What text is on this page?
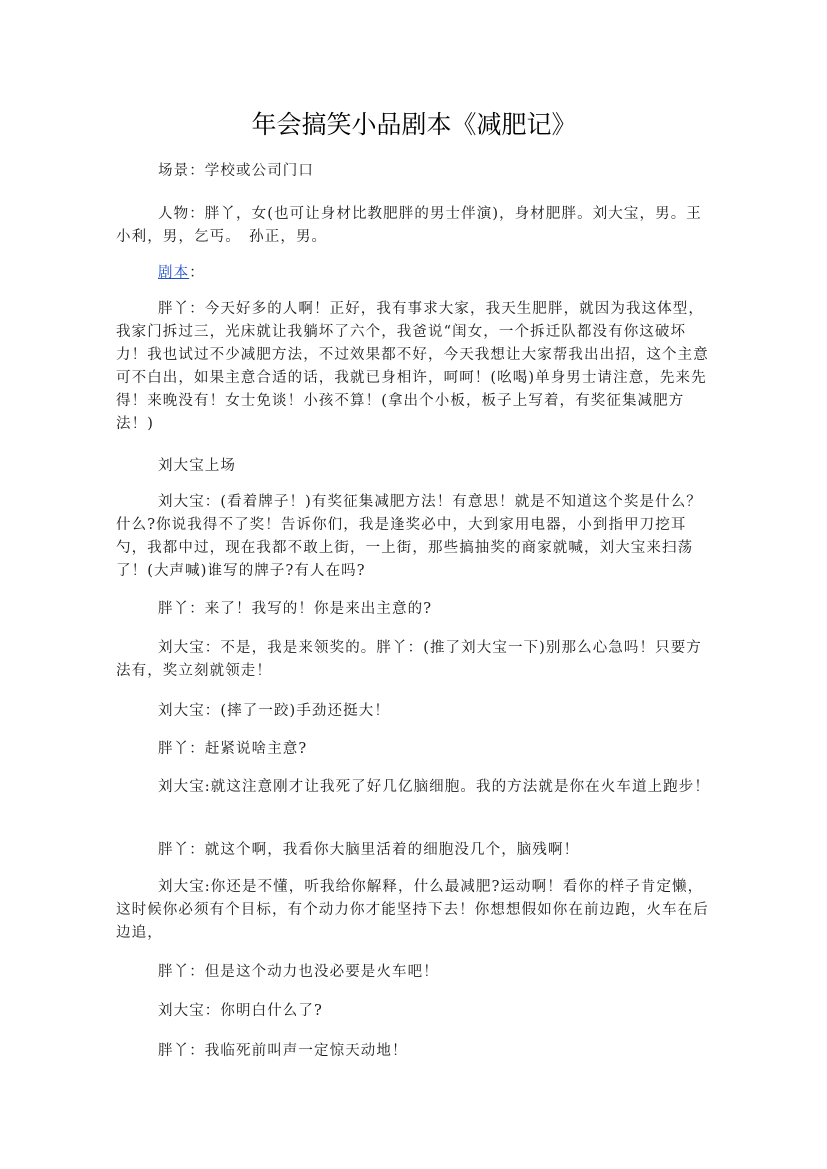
年会搞笑小品剧本《减肥记》

场景：学校或公司门口

人物：胖丫，女(也可让身材比教肥胖的男士伴演)，身材肥胖。刘大宝，男。王小利，男，乞丐。　孙正，男。

剧本：

胖丫：今天好多的人啊！正好，我有事求大家，我天生肥胖，就因为我这体型，我家门拆过三，光床就让我躺坏了六个，我爸说“闺女，一个拆迁队都没有你这破坏力！我也试过不少减肥方法，不过效果都不好，今天我想让大家帮我出出招，这个主意可不白出，如果主意合适的话，我就已身相许，呵呵！(吆喝)单身男士请注意，先来先得！来晚没有！女士免谈！小孩不算！(拿出个小板，板子上写着，有奖征集减肥方法！)

刘大宝上场

刘大宝：(看着牌子！)有奖征集减肥方法！有意思！就是不知道这个奖是什么？什么?你说我得不了奖！告诉你们，我是逢奖必中，大到家用电器，小到指甲刀挖耳勺，我都中过，现在我都不敢上街，一上街，那些搞抽奖的商家就喊，刘大宝来扫荡了！(大声喊)谁写的牌子?有人在吗?

胖丫：来了！我写的！你是来出主意的?

刘大宝：不是，我是来领奖的。胖丫：(推了刘大宝一下)别那么心急吗！只要方法有，奖立刻就领走！

刘大宝：(摔了一跤)手劲还挺大！

胖丫：赶紧说啥主意?

刘大宝:就这注意刚才让我死了好几亿脑细胞。我的方法就是你在火车道上跑步！

胖丫：就这个啊，我看你大脑里活着的细胞没几个，脑残啊！

刘大宝:你还是不懂，听我给你解释，什么最减肥?运动啊！看你的样子肯定懒，这时候你必须有个目标，有个动力你才能坚持下去！你想想假如你在前边跑，火车在后边追，

胖丫：但是这个动力也没必要是火车吧！

刘大宝：你明白什么了?

胖丫：我临死前叫声一定惊天动地！
